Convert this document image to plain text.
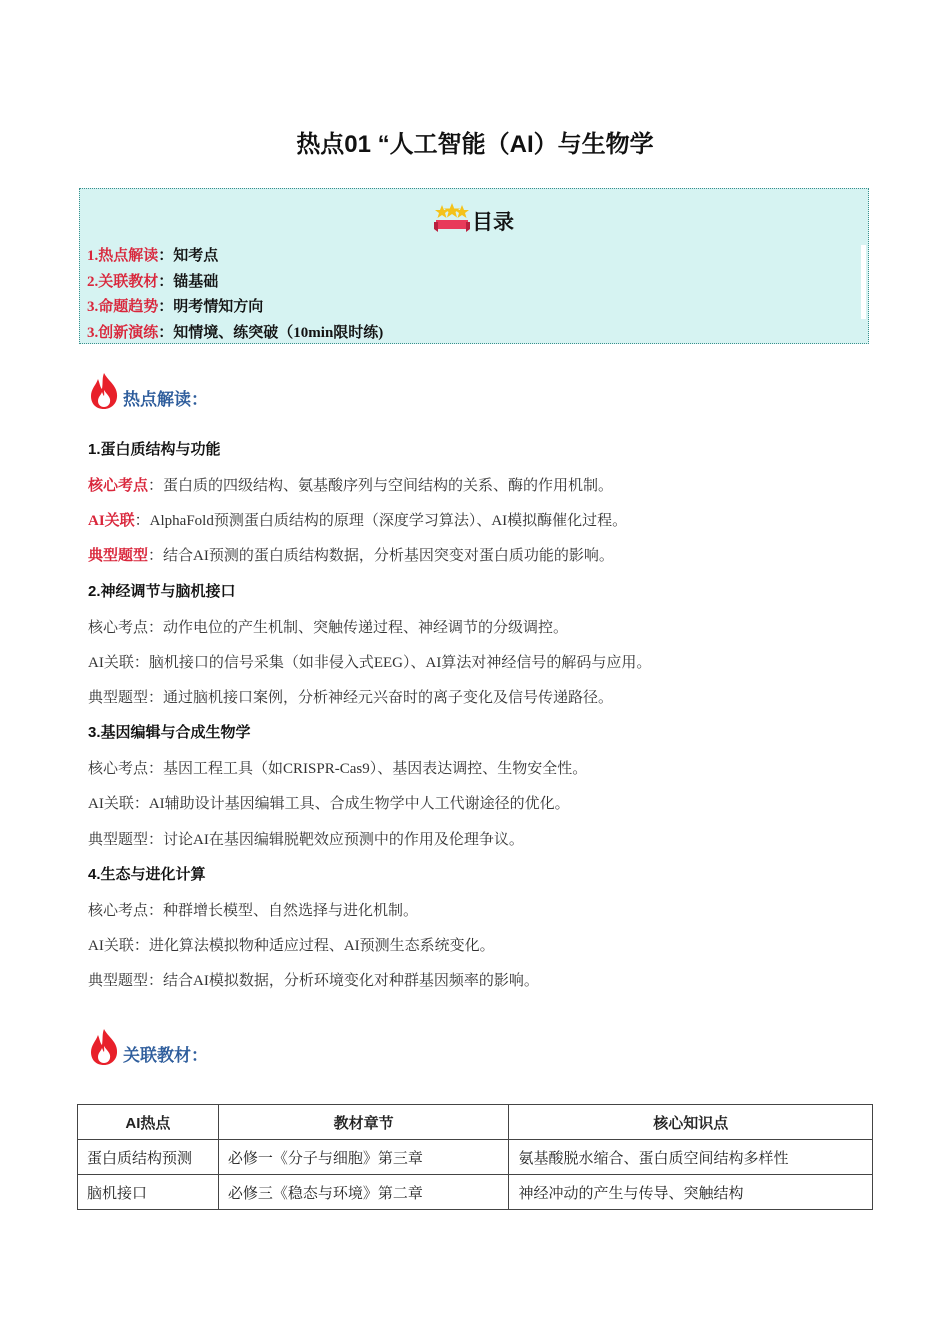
热点01 “人工智能（AI）与生物学
目录
1.热点解读：知考点
2.关联教材：锚基础
3.命题趋势：明考情知方向
3.创新演练：知情境、练突破（10min限时练)
热点解读：
1.蛋白质结构与功能
核心考点：蛋白质的四级结构、氨基酸序列与空间结构的关系、酶的作用机制。
AI关联：AlphaFold预测蛋白质结构的原理（深度学习算法）、AI模拟酶催化过程。
典型题型：结合AI预测的蛋白质结构数据，分析基因突变对蛋白质功能的影响。
2.神经调节与脑机接口
核心考点：动作电位的产生机制、突触传递过程、神经调节的分级调控。
AI关联：脑机接口的信号采集（如非侵入式EEG）、AI算法对神经信号的解码与应用。
典型题型：通过脑机接口案例，分析神经元兴奋时的离子变化及信号传递路径。
3.基因编辑与合成生物学
核心考点：基因工程工具（如CRISPR-Cas9）、基因表达调控、生物安全性。
AI关联：AI辅助设计基因编辑工具、合成生物学中人工代谢途径的优化。
典型题型：讨论AI在基因编辑脱靶效应预测中的作用及伦理争议。
4.生态与进化计算
核心考点：种群增长模型、自然选择与进化机制。
AI关联：进化算法模拟物种适应过程、AI预测生态系统变化。
典型题型：结合AI模拟数据，分析环境变化对种群基因频率的影响。
关联教材：
AI热点	教材章节	核心知识点
蛋白质结构预测	必修一《分子与细胞》第三章	氨基酸脱水缩合、蛋白质空间结构多样性
脑机接口	必修三《稳态与环境》第二章	神经冲动的产生与传导、突触结构
